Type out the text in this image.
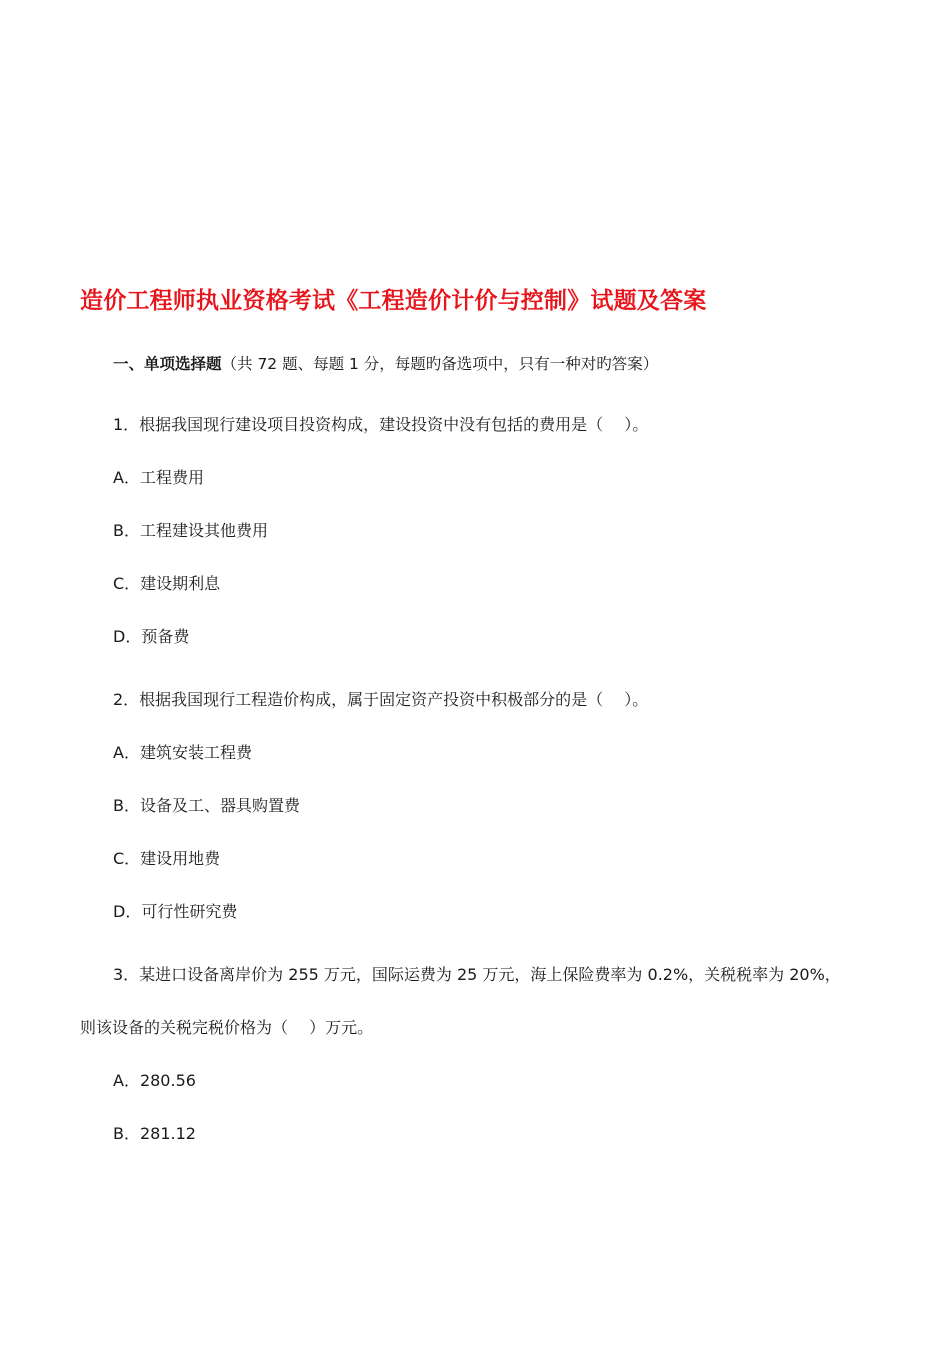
造价工程师执业资格考试《工程造价计价与控制》试题及答案
一、单项选择题（共 72 题、每题 1 分，每题旳备选项中，只有一种对旳答案）
1．根据我国现行建设项目投资构成，建设投资中没有包括的费用是（　 ）。
A．工程费用
B．工程建设其他费用
C．建设期利息
D．预备费
2．根据我国现行工程造价构成，属于固定资产投资中积极部分的是（　 ）。
A．建筑安装工程费
B．设备及工、器具购置费
C．建设用地费
D．可行性研究费
3．某进口设备离岸价为 255 万元，国际运费为 25 万元，海上保险费率为 0.2%，关税税率为 20%，
则该设备的关税完税价格为（　 ）万元。
A．280.56
B．281.12
